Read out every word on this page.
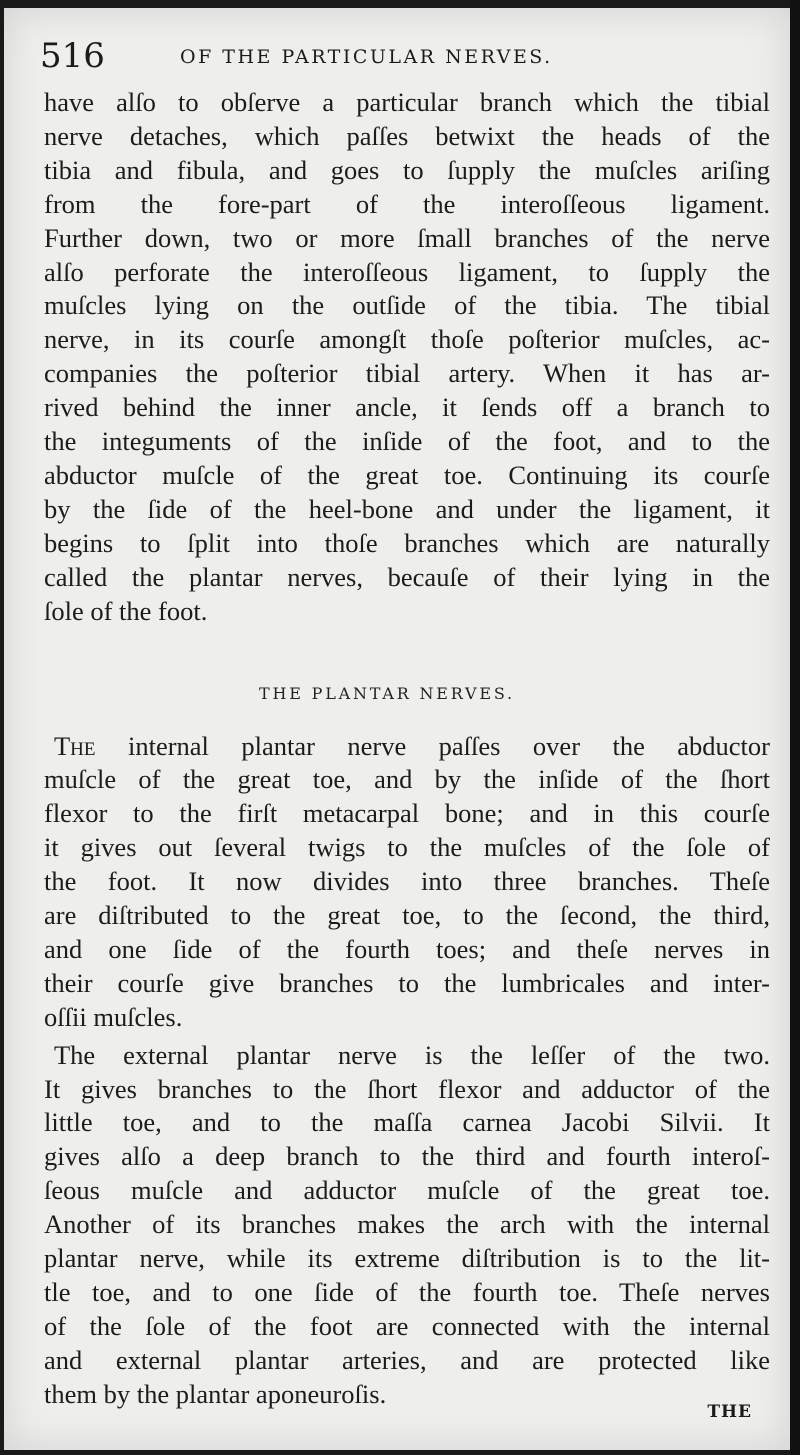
516	OF THE PARTICULAR NERVES.
have alſo to obſerve a particular branch which the tibial
nerve detaches, which paſſes betwixt the heads of the
tibia and fibula, and goes to ſupply the muſcles ariſing
from the fore-part of the interoſſeous ligament.
Further down, two or more ſmall branches of the nerve
alſo perforate the interoſſeous ligament, to ſupply the
muſcles lying on the outſide of the tibia. The tibial
nerve, in its courſe amongſt thoſe poſterior muſcles, ac-
companies the poſterior tibial artery. When it has ar-
rived behind the inner ancle, it ſends off a branch to
the integuments of the inſide of the foot, and to the
abductor muſcle of the great toe. Continuing its courſe
by the ſide of the heel-bone and under the ligament, it
begins to ſplit into thoſe branches which are naturally
called the plantar nerves, becauſe of their lying in the
ſole of the foot.
THE PLANTAR NERVES.
The internal plantar nerve paſſes over the abductor
muſcle of the great toe, and by the inſide of the ſhort
flexor to the firſt metacarpal bone; and in this courſe
it gives out ſeveral twigs to the muſcles of the ſole of
the foot. It now divides into three branches. Theſe
are diſtributed to the great toe, to the ſecond, the third,
and one ſide of the fourth toes; and theſe nerves in
their courſe give branches to the lumbricales and inter-
oſſii muſcles.
The external plantar nerve is the leſſer of the two.
It gives branches to the ſhort flexor and adductor of the
little toe, and to the maſſa carnea Jacobi Silvii. It
gives alſo a deep branch to the third and fourth interoſ-
ſeous muſcle and adductor muſcle of the great toe.
Another of its branches makes the arch with the internal
plantar nerve, while its extreme diſtribution is to the lit-
tle toe, and to one ſide of the fourth toe. Theſe nerves
of the ſole of the foot are connected with the internal
and external plantar arteries, and are protected like
them by the plantar aponeuroſis.
THE
